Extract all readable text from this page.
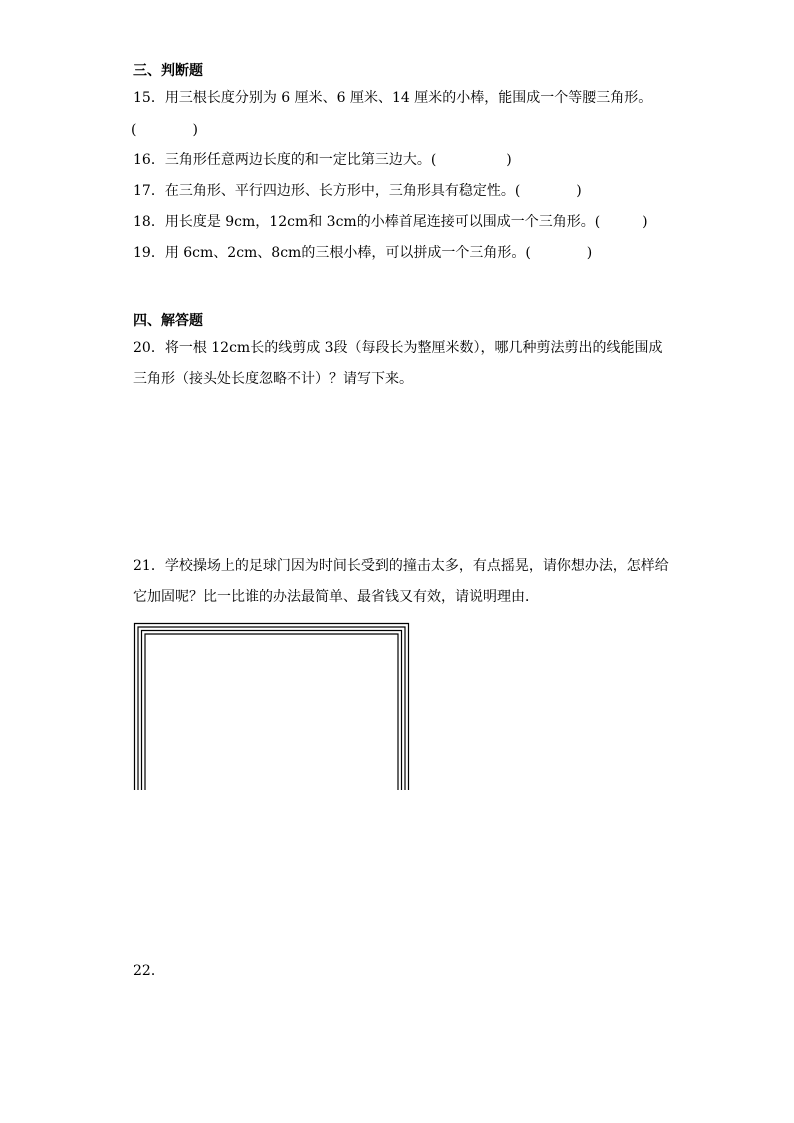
三、判断题
15．用三根长度分别为 6 厘米、6 厘米、14 厘米的小棒，能围成一个等腰三角形。
(　　　　)
16．三角形任意两边长度的和一定比第三边大。(　　　　　)
17．在三角形、平行四边形、长方形中，三角形具有稳定性。(　　　　)
18．用长度是 9cm，12cm和 3cm的小棒首尾连接可以围成一个三角形。(　　　)
19．用 6cm、2cm、8cm的三根小棒，可以拼成一个三角形。(　　　　)
四、解答题
20．将一根 12cm长的线剪成 3段（每段长为整厘米数），哪几种剪法剪出的线能围成
三角形（接头处长度忽略不计）？请写下来。
21．学校操场上的足球门因为时间长受到的撞击太多，有点摇晃，请你想办法，怎样给
它加固呢？比一比谁的办法最简单、最省钱又有效，请说明理由．
22．
